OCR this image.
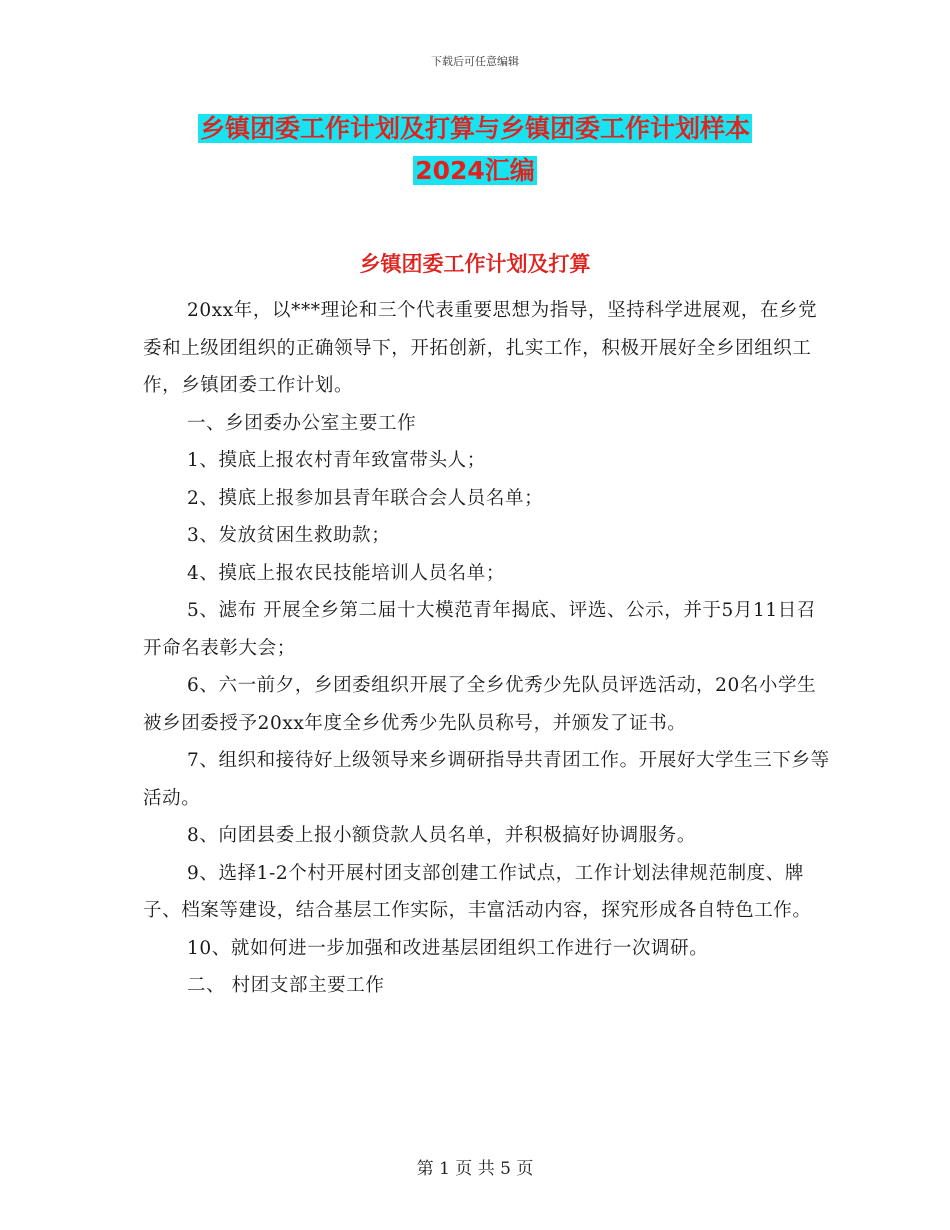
下载后可任意编辑
乡镇团委工作计划及打算与乡镇团委工作计划样本
2024汇编
乡镇团委工作计划及打算

20xx年，以***理论和三个代表重要思想为指导，坚持科学进展观，在乡党委和上级团组织的正确领导下，开拓创新，扎实工作，积极开展好全乡团组织工作，乡镇团委工作计划。

一、乡团委办公室主要工作

1、摸底上报农村青年致富带头人；

2、摸底上报参加县青年联合会人员名单；

3、发放贫困生救助款；

4、摸底上报农民技能培训人员名单；

5、滤布 开展全乡第二届十大模范青年揭底、评选、公示，并于5月11日召开命名表彰大会；

6、六一前夕，乡团委组织开展了全乡优秀少先队员评选活动，20名小学生被乡团委授予20xx年度全乡优秀少先队员称号，并颁发了证书。

7、组织和接待好上级领导来乡调研指导共青团工作。开展好大学生三下乡等活动。

8、向团县委上报小额贷款人员名单，并积极搞好协调服务。

9、选择1-2个村开展村团支部创建工作试点，工作计划法律规范制度、牌子、档案等建设，结合基层工作实际，丰富活动内容，探究形成各自特色工作。

10、就如何进一步加强和改进基层团组织工作进行一次调研。

二、 村团支部主要工作

第 1 页 共 5 页
